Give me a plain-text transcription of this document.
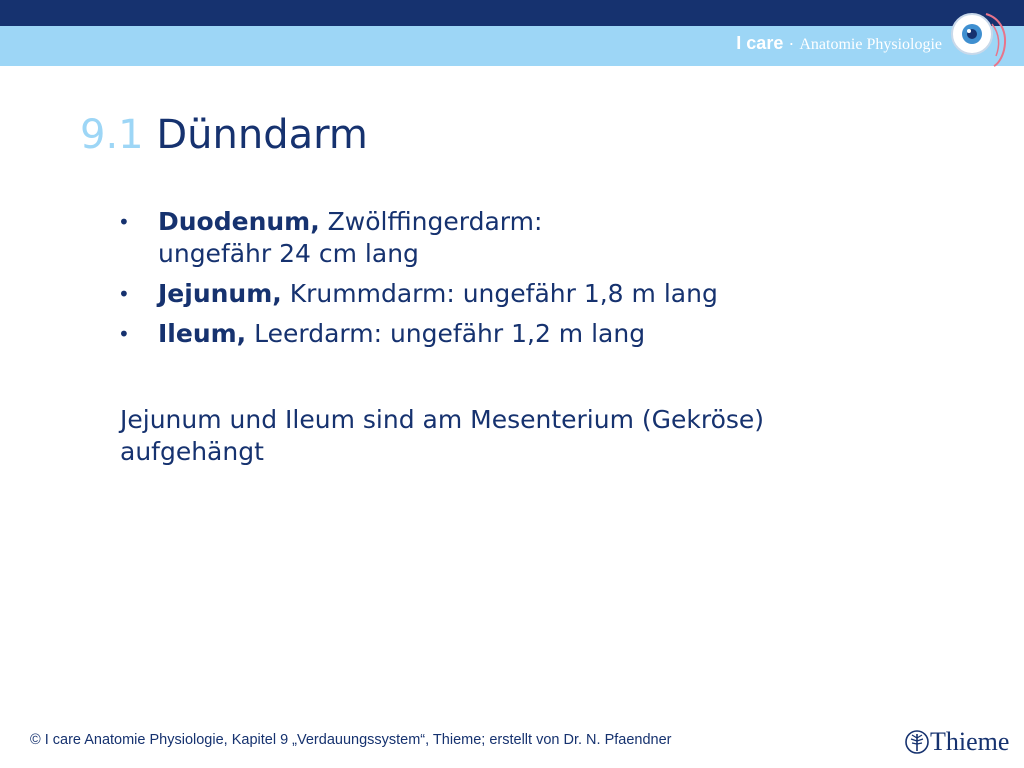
I care · Anatomie Physiologie
9.1 Dünndarm
• Duodenum, Zwölffingerdarm:
ungefähr 24 cm lang
• Jejunum, Krummdarm: ungefähr 1,8 m lang
• Ileum, Leerdarm: ungefähr 1,2 m lang

Jejunum und Ileum sind am Mesenterium (Gekröse) aufgehängt

© I care Anatomie Physiologie, Kapitel 9 „Verdauungssystem“, Thieme; erstellt von Dr. N. Pfaendner	Thieme
